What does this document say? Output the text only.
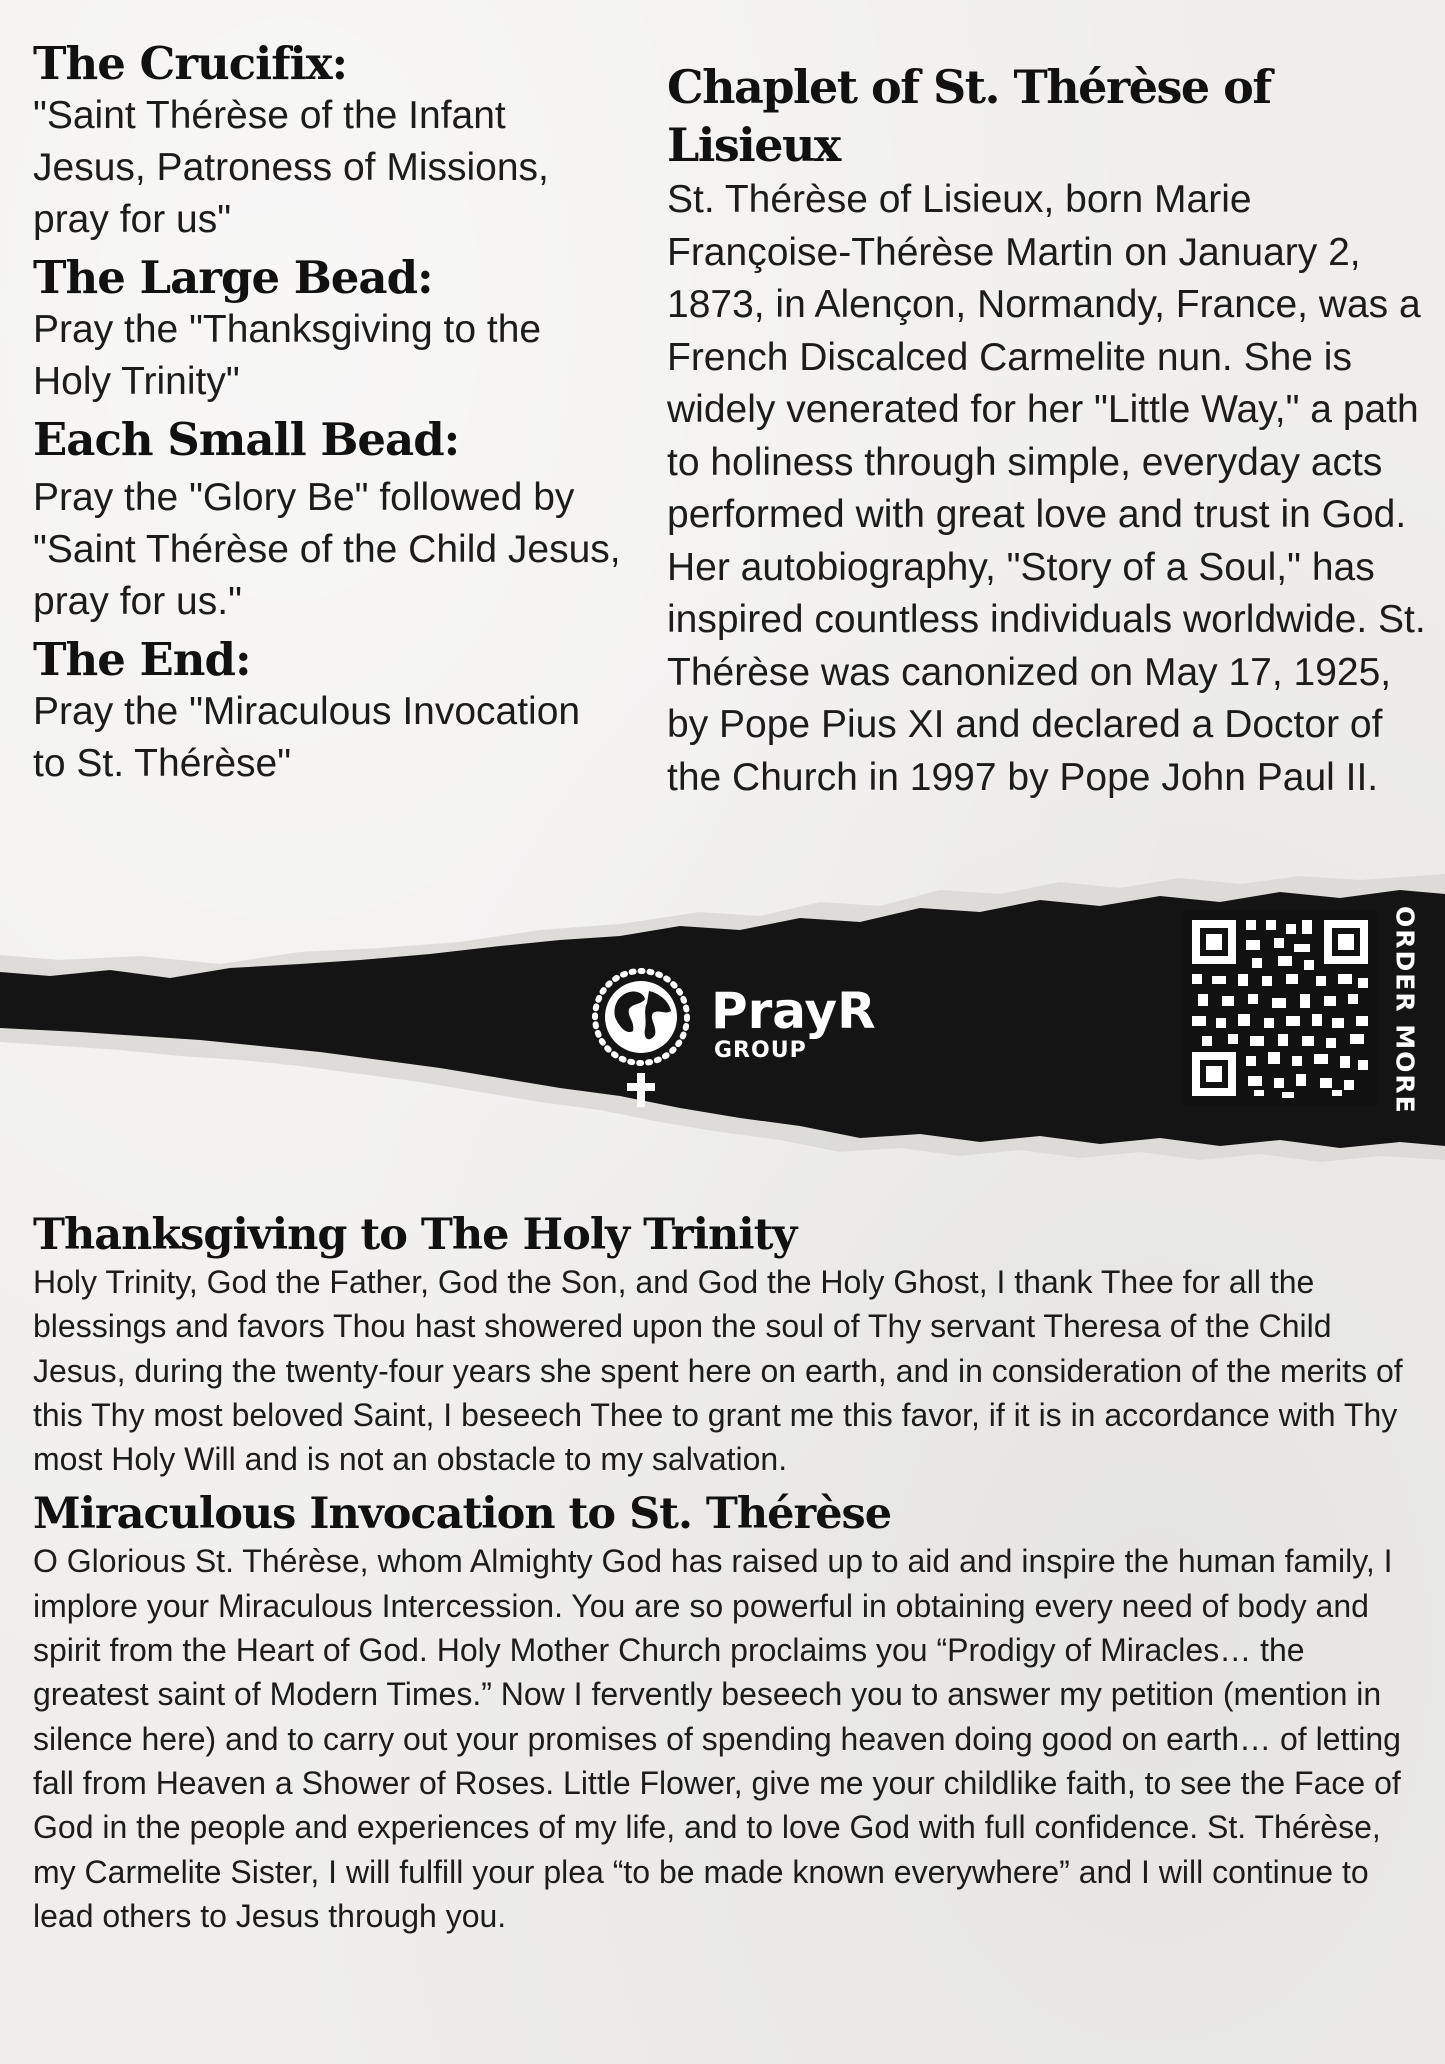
The Crucifix:

"Saint Thérèse of the Infant Jesus, Patroness of Missions, pray for us"

The Large Bead:

Pray the "Thanksgiving to the Holy Trinity"

Each Small Bead:

Pray the "Glory Be" followed by "Saint Thérèse of the Child Jesus, pray for us."

The End:

Pray the "Miraculous Invocation to St. Thérèse"

Chaplet of St. Thérèse of Lisieux

St. Thérèse of Lisieux, born Marie Françoise-Thérèse Martin on January 2, 1873, in Alençon, Normandy, France, was a French Discalced Carmelite nun. She is widely venerated for her "Little Way," a path to holiness through simple, everyday acts performed with great love and trust in God. Her autobiography, "Story of a Soul," has inspired countless individuals worldwide. St. Thérèse was canonized on May 17, 1925, by Pope Pius XI and declared a Doctor of the Church in 1997 by Pope John Paul II.

PrayR
GROUP	ORDER MORE
Thanksgiving to The Holy Trinity

Holy Trinity, God the Father, God the Son, and God the Holy Ghost, I thank Thee for all the blessings and favors Thou hast showered upon the soul of Thy servant Theresa of the Child Jesus, during the twenty-four years she spent here on earth, and in consideration of the merits of this Thy most beloved Saint, I beseech Thee to grant me this favor, if it is in accordance with Thy most Holy Will and is not an obstacle to my salvation.

Miraculous Invocation to St. Thérèse

O Glorious St. Thérèse, whom Almighty God has raised up to aid and inspire the human family, I implore your Miraculous Intercession. You are so powerful in obtaining every need of body and spirit from the Heart of God. Holy Mother Church proclaims you “Prodigy of Miracles… the greatest saint of Modern Times.” Now I fervently beseech you to answer my petition (mention in silence here) and to carry out your promises of spending heaven doing good on earth… of letting fall from Heaven a Shower of Roses. Little Flower, give me your childlike faith, to see the Face of God in the people and experiences of my life, and to love God with full confidence. St. Thérèse, my Carmelite Sister, I will fulfill your plea “to be made known everywhere” and I will continue to lead others to Jesus through you.
